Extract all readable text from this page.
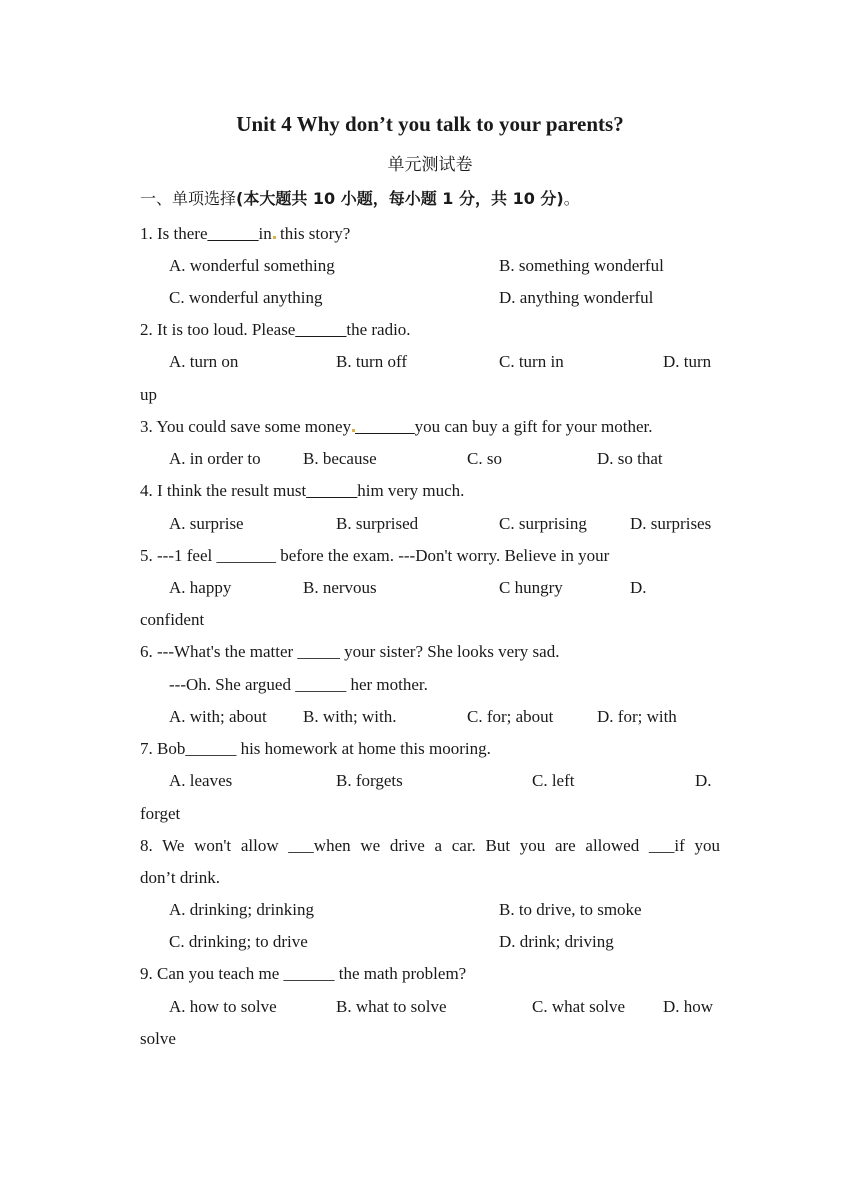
Unit 4 Why don’t you talk to your parents?
单元测试卷
一、单项选择(本大题共 10 小题，每小题 1 分，共 10 分)。
1. Is there______in this story?
A. wonderful something	B. something wonderful
C. wonderful anything	D. anything wonderful
2. It is too loud. Please______the radio.
A. turn on	B. turn off	C. turn in	D. turn
up
3. You could save some money _______you can buy a gift for your mother.
A. in order to B. because	C. so	D. so that
4. I think the result must______him very much.
A. surprise	B. surprised	C. surprising	D. surprises
5. ---1 feel _______ before the exam. ---Don't worry. Believe in your
A. happy	B. nervous	C hungry	D.
confident
6. ---What's the matter _____ your sister? She looks very sad.
---Oh. She argued ______ her mother.
A. with; about B. with; with.	C. for; about	D. for; with
7. Bob______ his homework at home this mooring.
A. leaves	B. forgets	C. left	D.
forget
8. We won't allow ___when we drive a car. But you are allowed ___if you
don’t drink.
A. drinking; drinking	B. to drive, to smoke
C. drinking; to drive	D. drink; driving
9. Can you teach me ______ the math problem?
A. how to solve	B. what to solve	C. what solve D. how
solve
